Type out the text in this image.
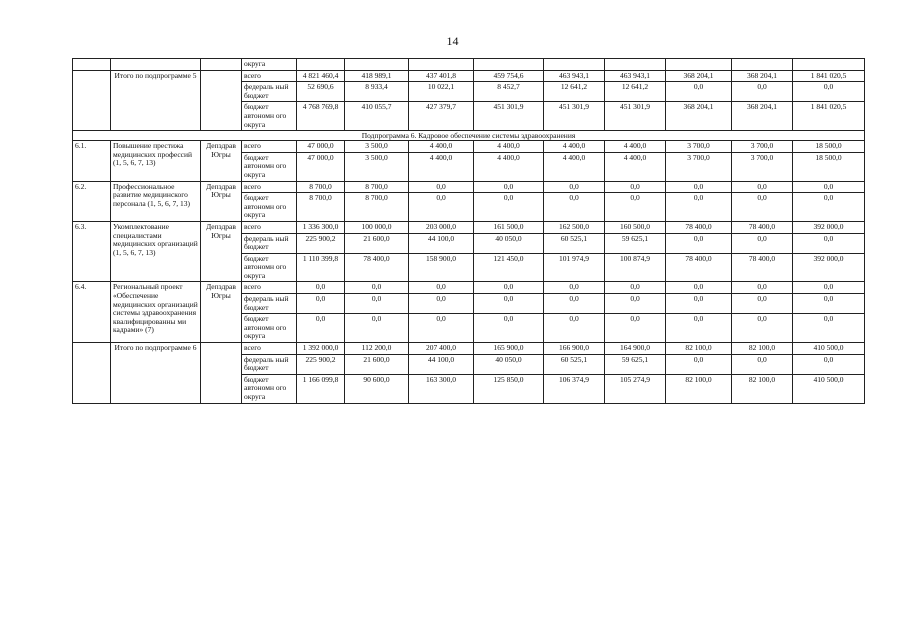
14
			округа									
	Итого по подпрограмме 5		всего	4 821 460,4	418 989,1	437 401,8	459 754,6	463 943,1	463 943,1	368 204,1	368 204,1	1 841 020,5
			федераль ный бюджет	52 690,6	8 933,4	10 022,1	8 452,7	12 641,2	12 641,2	0,0	0,0	0,0
			бюджет автономн ого округа	4 768 769,8	410 055,7	427 379,7	451 301,9	451 301,9	451 301,9	368 204,1	368 204,1	1 841 020,5
Подпрограмма 6. Кадровое обеспечение системы здравоохранения												
6.1.	Повышение престижа медицинских профессий (1, 5, 6, 7, 13)	Депздрав Югры	всего	47 000,0	3 500,0	4 400,0	4 400,0	4 400,0	4 400,0	3 700,0	3 700,0	18 500,0
			бюджет автономн ого округа	47 000,0	3 500,0	4 400,0	4 400,0	4 400,0	4 400,0	3 700,0	3 700,0	18 500,0
6.2.	Профессиональное развитие медицинского персонала (1, 5, 6, 7, 13)	Депздрав Югры	всего	8 700,0	8 700,0	0,0	0,0	0,0	0,0	0,0	0,0	0,0
			бюджет автономн ого округа	8 700,0	8 700,0	0,0	0,0	0,0	0,0	0,0	0,0	0,0
6.3.	Укомплектование специалистами медицинских организаций (1, 5, 6, 7, 13)	Депздрав Югры	всего	1 336 300,0	100 000,0	203 000,0	161 500,0	162 500,0	160 500,0	78 400,0	78 400,0	392 000,0
			федераль ный бюджет	225 900,2	21 600,0	44 100,0	40 050,0	60 525,1	59 625,1	0,0	0,0	0,0
			бюджет автономн ого округа	1 110 399,8	78 400,0	158 900,0	121 450,0	101 974,9	100 874,9	78 400,0	78 400,0	392 000,0
6.4.	Региональный проект «Обеспечение медицинских организаций системы здравоохранения квалифицированны ми кадрами» (7)	Депздрав Югры	всего	0,0	0,0	0,0	0,0	0,0	0,0	0,0	0,0	0,0
			федераль ный бюджет	0,0	0,0	0,0	0,0	0,0	0,0	0,0	0,0	0,0
			бюджет автономн ого округа	0,0	0,0	0,0	0,0	0,0	0,0	0,0	0,0	0,0
	Итого по подпрограмме 6		всего	1 392 000,0	112 200,0	207 400,0	165 900,0	166 900,0	164 900,0	82 100,0	82 100,0	410 500,0
			федераль ный бюджет	225 900,2	21 600,0	44 100,0	40 050,0	60 525,1	59 625,1	0,0	0,0	0,0
			бюджет автономн ого округа	1 166 099,8	90 600,0	163 300,0	125 850,0	106 374,9	105 274,9	82 100,0	82 100,0	410 500,0
